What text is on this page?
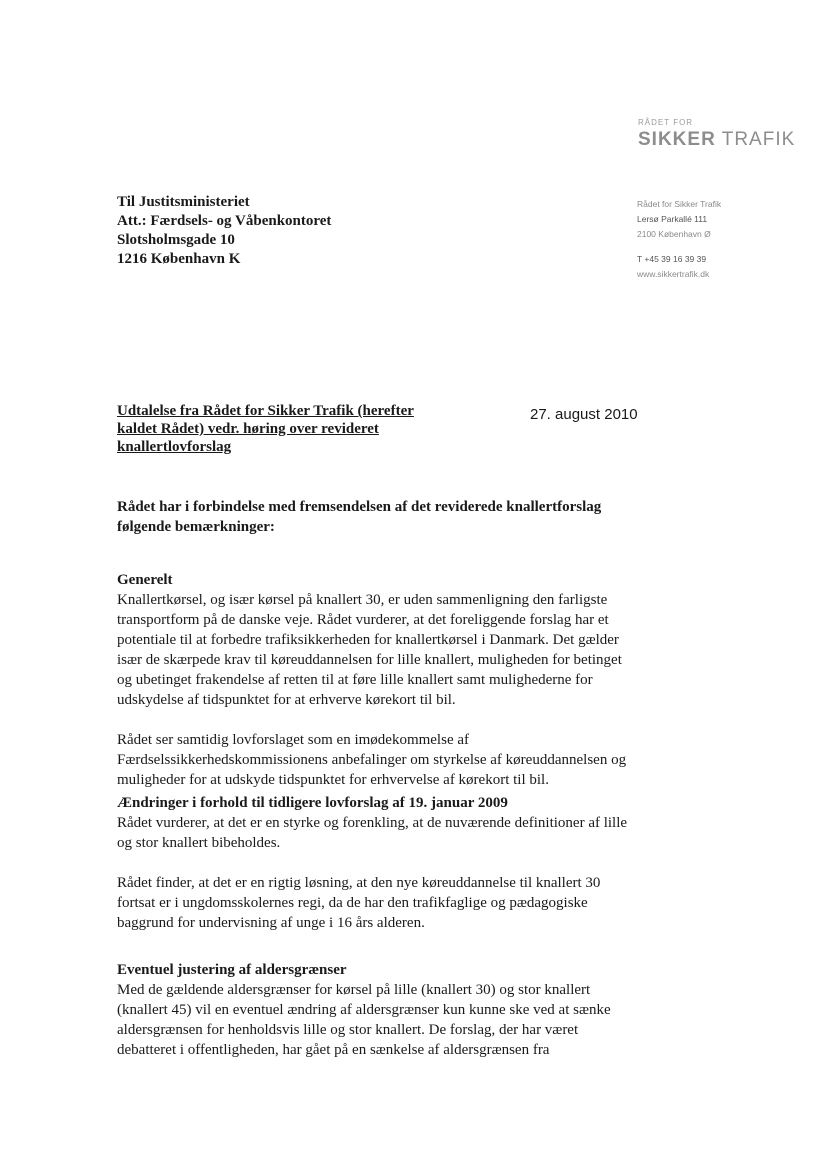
RÅDET FOR
SIKKER TRAFIK
Rådet for Sikker Trafik
Lersø Parkallé 111
2100 København Ø
T +45 39 16 39 39
www.sikkertrafik.dk
Til Justitsministeriet
Att.: Færdsels- og Våbenkontoret
Slotsholmsgade 10
1216 København K
Udtalelse fra Rådet for Sikker Trafik (herefter kaldet Rådet) vedr. høring over revideret knallertlovforslag
27. august 2010
Rådet har i forbindelse med fremsendelsen af det reviderede knallertforslag følgende bemærkninger:
Generelt

Knallertkørsel, og især kørsel på knallert 30, er uden sammenligning den farligste transportform på de danske veje. Rådet vurderer, at det foreliggende forslag har et potentiale til at forbedre trafiksikkerheden for knallertkørsel i Danmark. Det gælder især de skærpede krav til køreuddannelsen for lille knallert, muligheden for betinget og ubetinget frakendelse af retten til at føre lille knallert samt mulighederne for udskydelse af tidspunktet for at erhverve kørekort til bil.

Rådet ser samtidig lovforslaget som en imødekommelse af Færdselssikkerhedskommissionens anbefalinger om styrkelse af køreuddannelsen og muligheder for at udskyde tidspunktet for erhvervelse af kørekort til bil.

Ændringer i forhold til tidligere lovforslag af 19. januar 2009

Rådet vurderer, at det er en styrke og forenkling, at de nuværende definitioner af lille og stor knallert bibeholdes.

Rådet finder, at det er en rigtig løsning, at den nye køreuddannelse til knallert 30 fortsat er i ungdomsskolernes regi, da de har den trafikfaglige og pædagogiske baggrund for undervisning af unge i 16 års alderen.

Eventuel justering af aldersgrænser

Med de gældende aldersgrænser for kørsel på lille (knallert 30) og stor knallert (knallert 45) vil en eventuel ændring af aldersgrænser kun kunne ske ved at sænke aldersgrænsen for henholdsvis lille og stor knallert. De forslag, der har været debatteret i offentligheden, har gået på en sænkelse af aldersgrænsen fra
